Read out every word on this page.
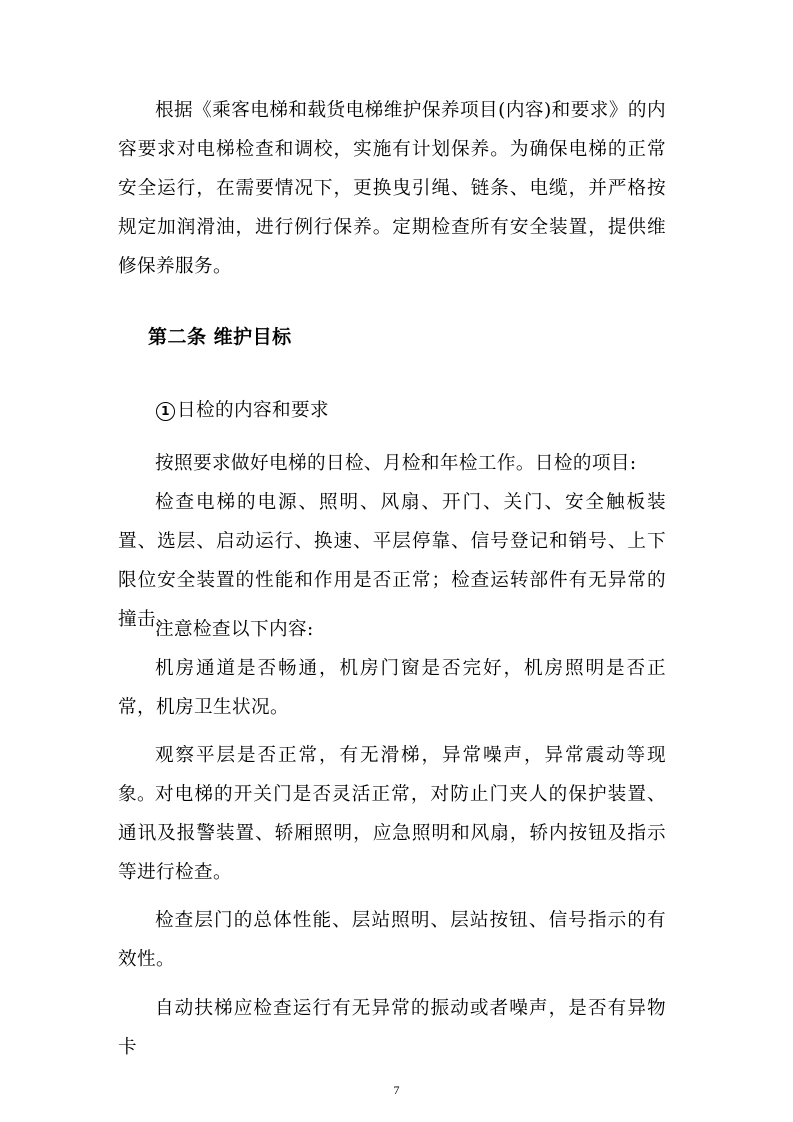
根据《乘客电梯和载货电梯维护保养项目(内容)和要求》的内容要求对电梯检查和调校，实施有计划保养。为确保电梯的正常安全运行，在需要情况下，更换曳引绳、链条、电缆，并严格按规定加润滑油，进行例行保养。定期检查所有安全装置，提供维修保养服务。

第二条 维护目标
1 日检的内容和要求

按照要求做好电梯的日检、月检和年检工作。日检的项目:

检查电梯的电源、照明、风扇、开门、关门、安全触板装置、选层、启动运行、换速、平层停靠、信号登记和销号、上下限位安全装置的性能和作用是否正常；检查运转部件有无异常的撞击。

注意检查以下内容:

机房通道是否畅通，机房门窗是否完好，机房照明是否正常，机房卫生状况。

观察平层是否正常，有无滑梯，异常噪声，异常震动等现象。 对电梯的开关门是否灵活正常，对防止门夹人的保护装置、通讯及报警装置、轿厢照明，应急照明和风扇，轿内按钮及指示等进行检查。

检查层门的总体性能、层站照明、层站按钮、信号指示的有效性。

自动扶梯应检查运行有无异常的振动或者噪声，是否有异物卡

7
